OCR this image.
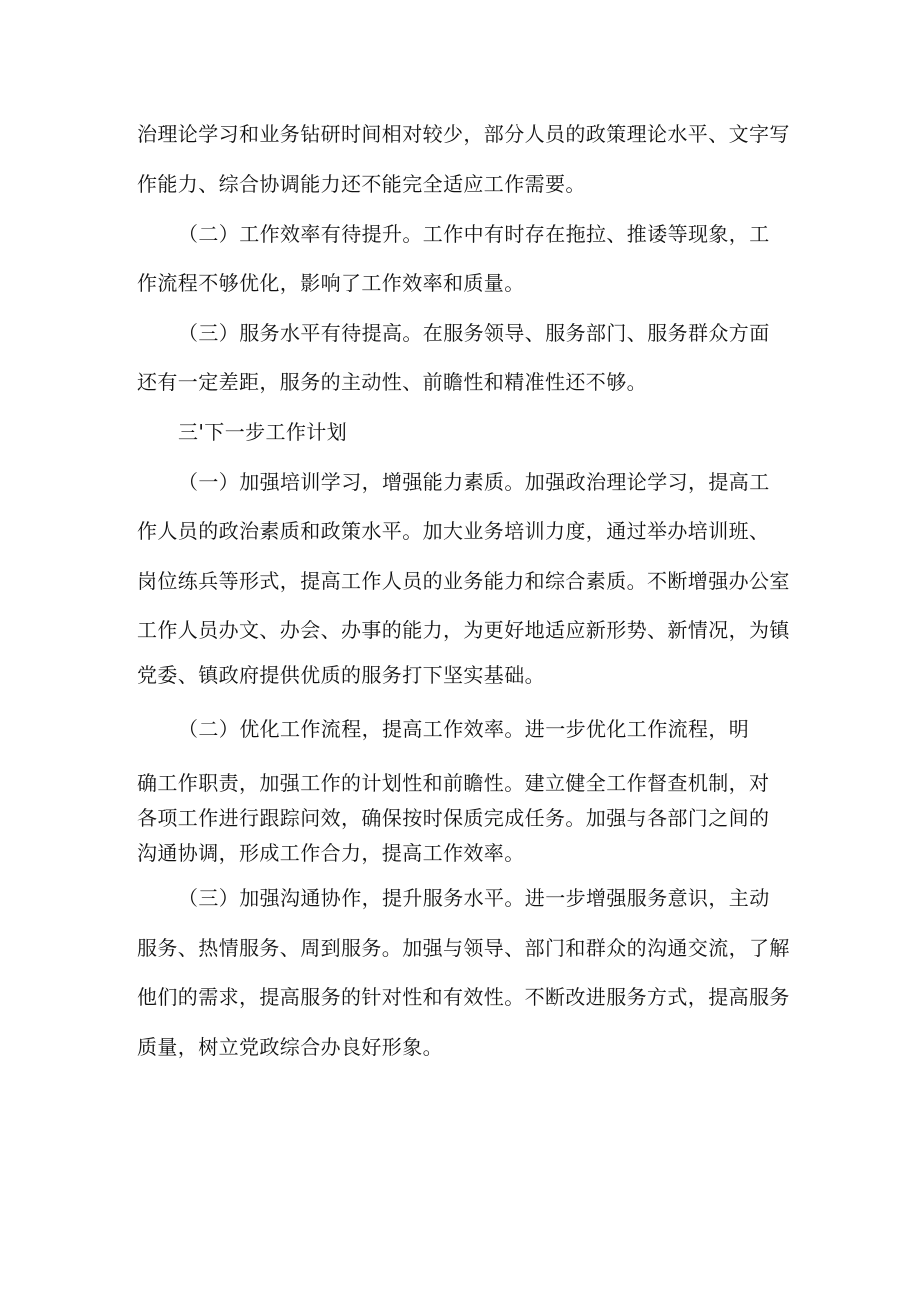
治理论学习和业务钻研时间相对较少，部分人员的政策理论水平、文字写
作能力、综合协调能力还不能完全适应工作需要。
（二）工作效率有待提升。工作中有时存在拖拉、推诿等现象，工
作流程不够优化，影响了工作效率和质量。
（三）服务水平有待提高。在服务领导、服务部门、服务群众方面
还有一定差距，服务的主动性、前瞻性和精准性还不够。
三'下一步工作计划
（一）加强培训学习，增强能力素质。加强政治理论学习，提高工
作人员的政治素质和政策水平。加大业务培训力度，通过举办培训班、
岗位练兵等形式，提高工作人员的业务能力和综合素质。不断增强办公室
工作人员办文、办会、办事的能力，为更好地适应新形势、新情况，为镇
党委、镇政府提供优质的服务打下坚实基础。
（二）优化工作流程，提高工作效率。进一步优化工作流程，明
确工作职责，加强工作的计划性和前瞻性。建立健全工作督查机制，对
各项工作进行跟踪问效，确保按时保质完成任务。加强与各部门之间的
沟通协调，形成工作合力，提高工作效率。
（三）加强沟通协作，提升服务水平。进一步增强服务意识，主动
服务、热情服务、周到服务。加强与领导、部门和群众的沟通交流，了解
他们的需求，提高服务的针对性和有效性。不断改进服务方式，提高服务
质量，树立党政综合办良好形象。
